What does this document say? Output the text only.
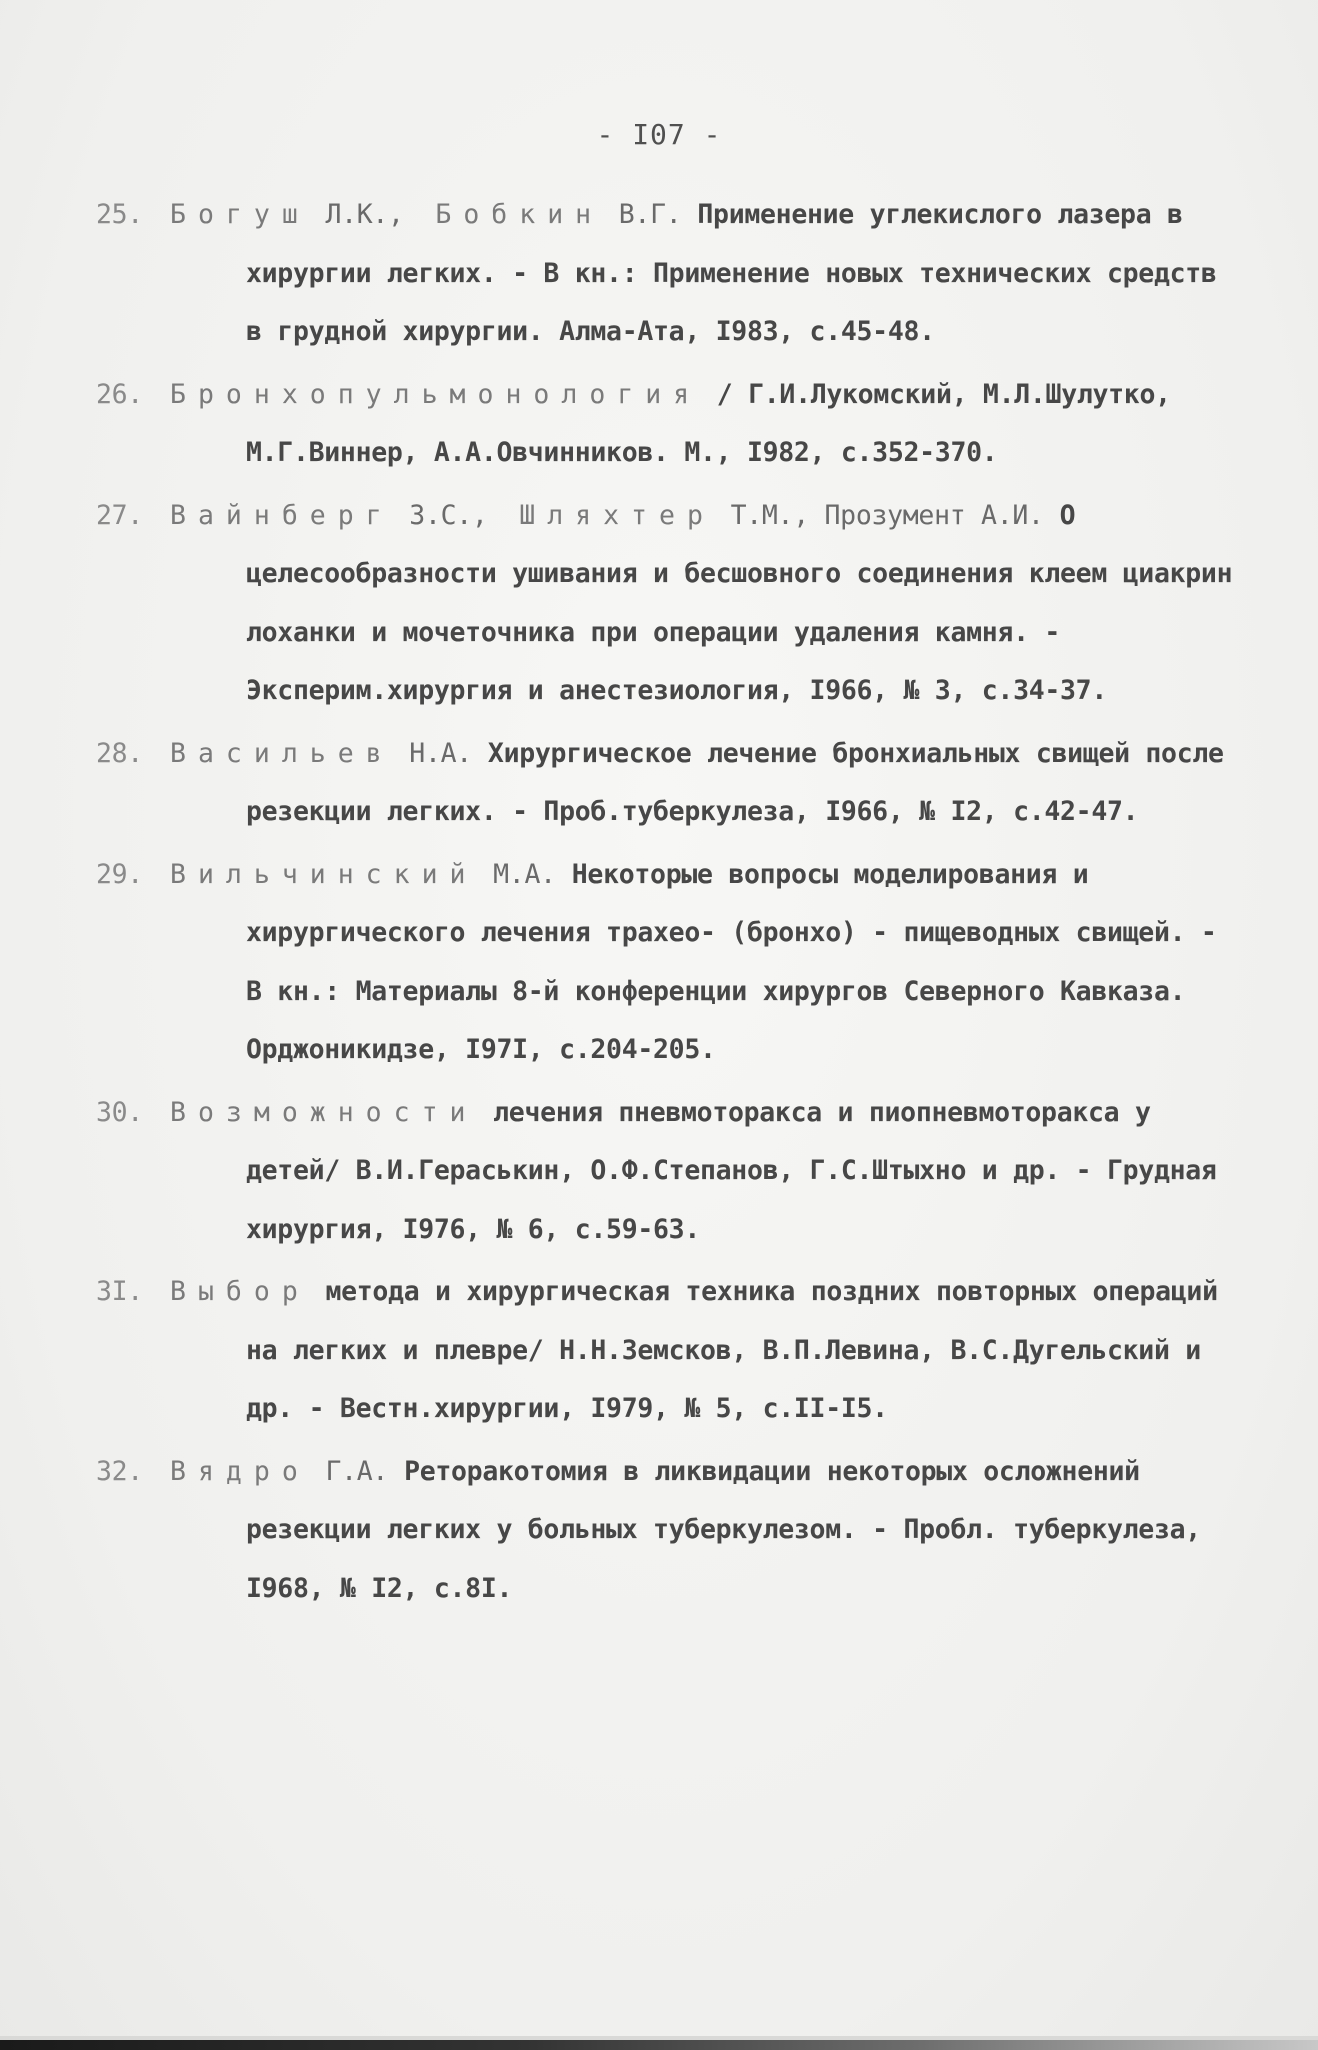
- I07 -
25.	Богуш Л.К., Бобкин В.Г. Применение углекислого лазера в хирургии легких. - В кн.: Применение новых технических средств в грудной хирургии. Алма-Ата, I983, с.45-48.
26.	Бронхопульмонология / Г.И.Лукомский, М.Л.Шулутко, М.Г.Виннер, А.А.Овчинников. М., I982, с.352-370.
27.	Вайнберг З.С., Шляхтер Т.М., Прозумент А.И. О целесообразности ушивания и бесшовного соединения клеем циакрин лоханки и мочеточника при операции удаления камня. - Эксперим.хирургия и анестезиология, I966, № 3, с.34-37.
28.	Васильев Н.А. Хирургическое лечение бронхиальных свищей после резекции легких. - Проб.туберкулеза, I966, № I2, с.42-47.
29.	Вильчинский М.А. Некоторые вопросы моделирования и хирургического лечения трахео- (бронхо) - пищеводных свищей. - В кн.: Материалы 8-й конференции хирургов Северного Кавказа. Орджоникидзе, I97I, с.204-205.
30.	Возможности лечения пневмоторакса и пиопневмоторакса у детей/ В.И.Гераськин, О.Ф.Степанов, Г.С.Штыхно и др. - Грудная хирургия, I976, № 6, с.59-63.
3I.	Выбор метода и хирургическая техника поздних повторных операций на легких и плевре/ Н.Н.Земсков, В.П.Левина, В.С.Дугельский и др. - Вестн.хирургии, I979, № 5, с.II-I5.
32.	Вядро Г.А. Реторакотомия в ликвидации некоторых осложнений резекции легких у больных туберкулезом. - Пробл. туберкулеза, I968, № I2, с.8I.
